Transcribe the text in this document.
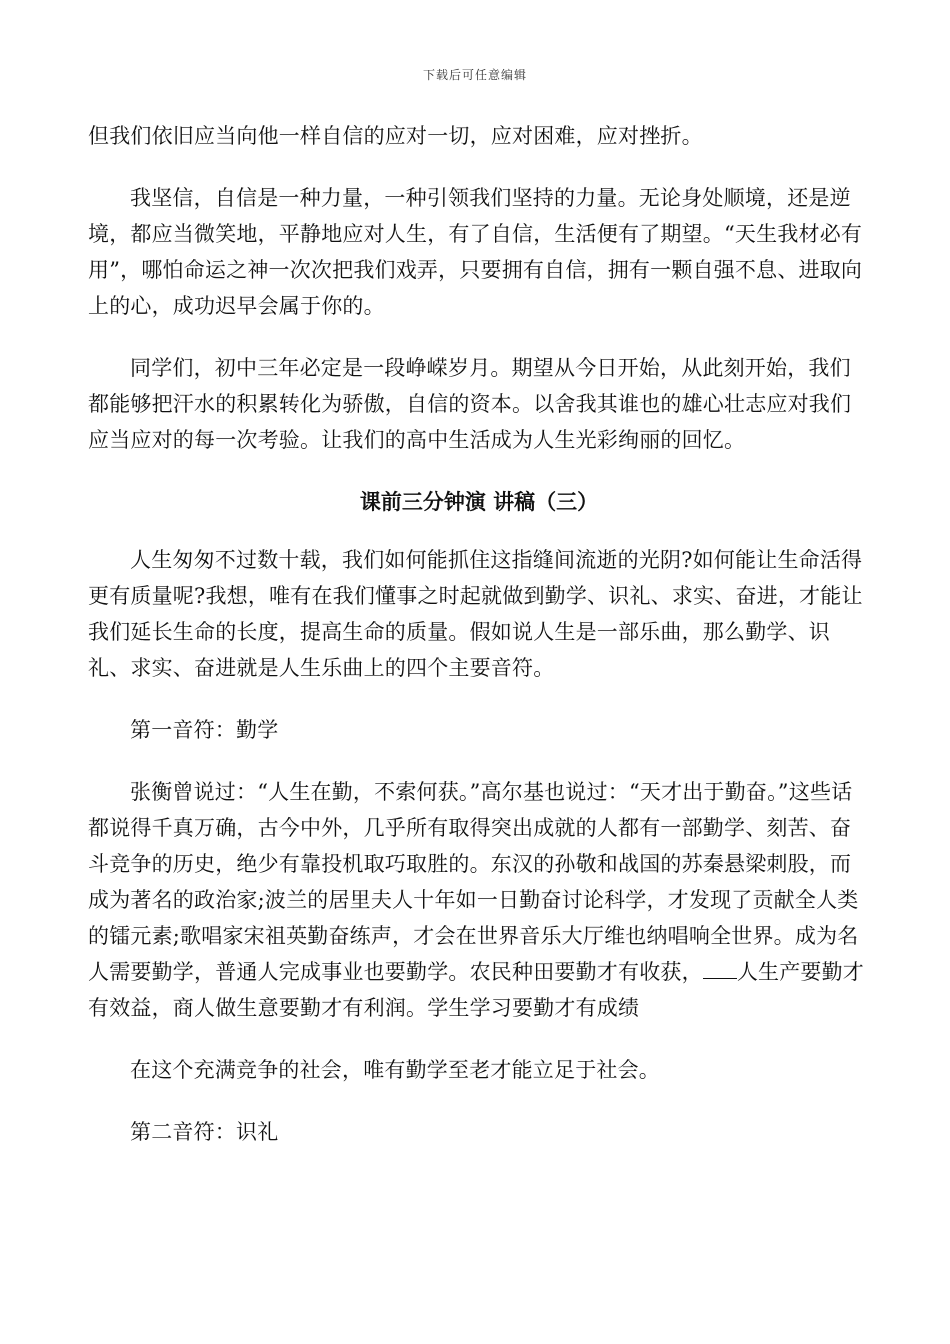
下载后可任意编辑

但我们依旧应当向他一样自信的应对一切，应对困难，应对挫折。

我坚信，自信是一种力量，一种引领我们坚持的力量。无论身处顺境，还是逆境，都应当微笑地，平静地应对人生，有了自信，生活便有了期望。“天生我材必有用”，哪怕命运之神一次次把我们戏弄，只要拥有自信，拥有一颗自强不息、进取向上的心，成功迟早会属于你的。

同学们，初中三年必定是一段峥嵘岁月。期望从今日开始，从此刻开始，我们都能够把汗水的积累转化为骄傲，自信的资本。以舍我其谁也的雄心壮志应对我们应当应对的每一次考验。让我们的高中生活成为人生光彩绚丽的回忆。

课前三分钟演 讲稿（三）

人生匆匆不过数十载，我们如何能抓住这指缝间流逝的光阴?如何能让生命活得更有质量呢?我想，唯有在我们懂事之时起就做到勤学、识礼、求实、奋进，才能让我们延长生命的长度，提高生命的质量。假如说人生是一部乐曲，那么勤学、识礼、求实、奋进就是人生乐曲上的四个主要音符。

第一音符：勤学

张衡曾说过：“人生在勤，不索何获。”高尔基也说过：“天才出于勤奋。”这些话都说得千真万确，古今中外，几乎所有取得突出成就的人都有一部勤学、刻苦、奋斗竞争的历史，绝少有靠投机取巧取胜的。东汉的孙敬和战国的苏秦悬梁刺股，而成为著名的政治家;波兰的居里夫人十年如一日勤奋讨论科学，才发现了贡献全人类的镭元素;歌唱家宋祖英勤奋练声，才会在世界音乐大厅维也纳唱响全世界。成为名人需要勤学，普通人完成事业也要勤学。农民种田要勤才有收获， 人生产要勤才有效益，商人做生意要勤才有利润。学生学习要勤才有成绩

在这个充满竞争的社会，唯有勤学至老才能立足于社会。

第二音符：识礼
